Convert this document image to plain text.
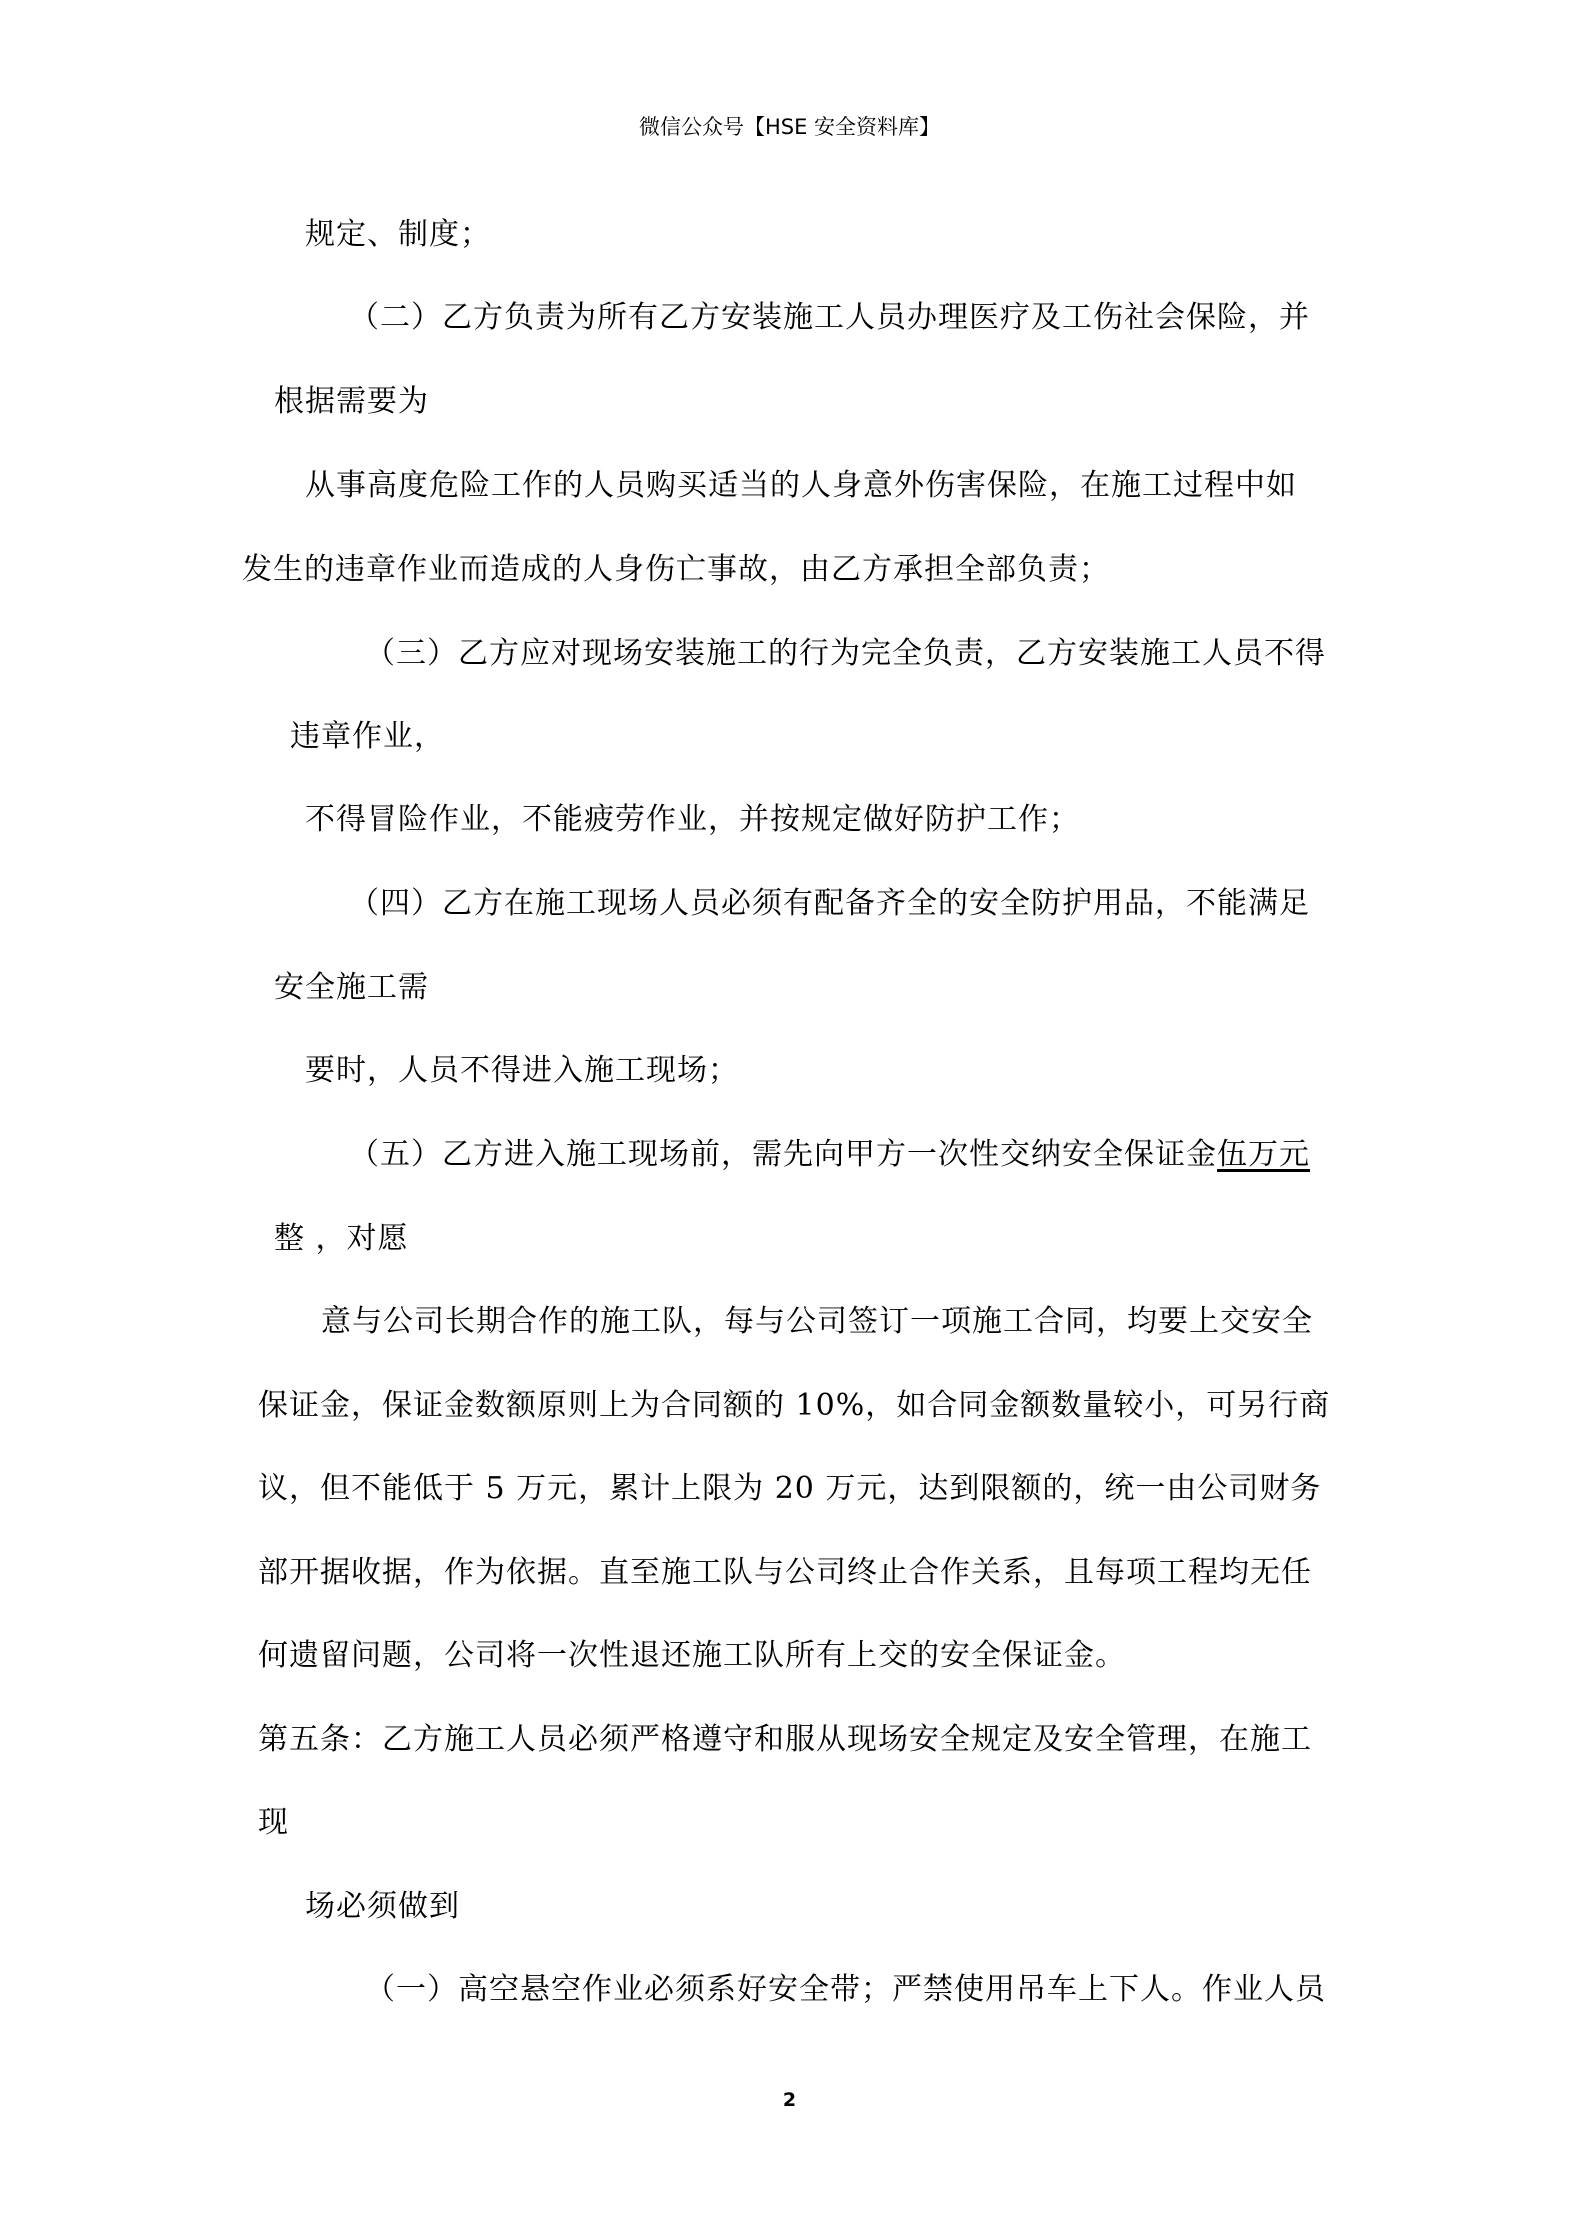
微信公众号【HSE 安全资料库】
规定、制度；
（二）乙方负责为所有乙方安装施工人员办理医疗及工伤社会保险，并
根据需要为
从事高度危险工作的人员购买适当的人身意外伤害保险，在施工过程中如
发生的违章作业而造成的人身伤亡事故，由乙方承担全部负责；
（三）乙方应对现场安装施工的行为完全负责，乙方安装施工人员不得
违章作业，
不得冒险作业，不能疲劳作业，并按规定做好防护工作；
（四）乙方在施工现场人员必须有配备齐全的安全防护用品，不能满足
安全施工需
要时，人员不得进入施工现场；
（五）乙方进入施工现场前，需先向甲方一次性交纳安全保证金伍万元
整 ，对愿
意与公司长期合作的施工队，每与公司签订一项施工合同，均要上交安全
保证金，保证金数额原则上为合同额的 10%，如合同金额数量较小，可另行商
议，但不能低于 5 万元，累计上限为 20 万元，达到限额的，统一由公司财务
部开据收据，作为依据。直至施工队与公司终止合作关系，且每项工程均无任
何遗留问题，公司将一次性退还施工队所有上交的安全保证金。
第五条：乙方施工人员必须严格遵守和服从现场安全规定及安全管理，在施工
现
场必须做到
（一）高空悬空作业必须系好安全带；严禁使用吊车上下人。作业人员
2
